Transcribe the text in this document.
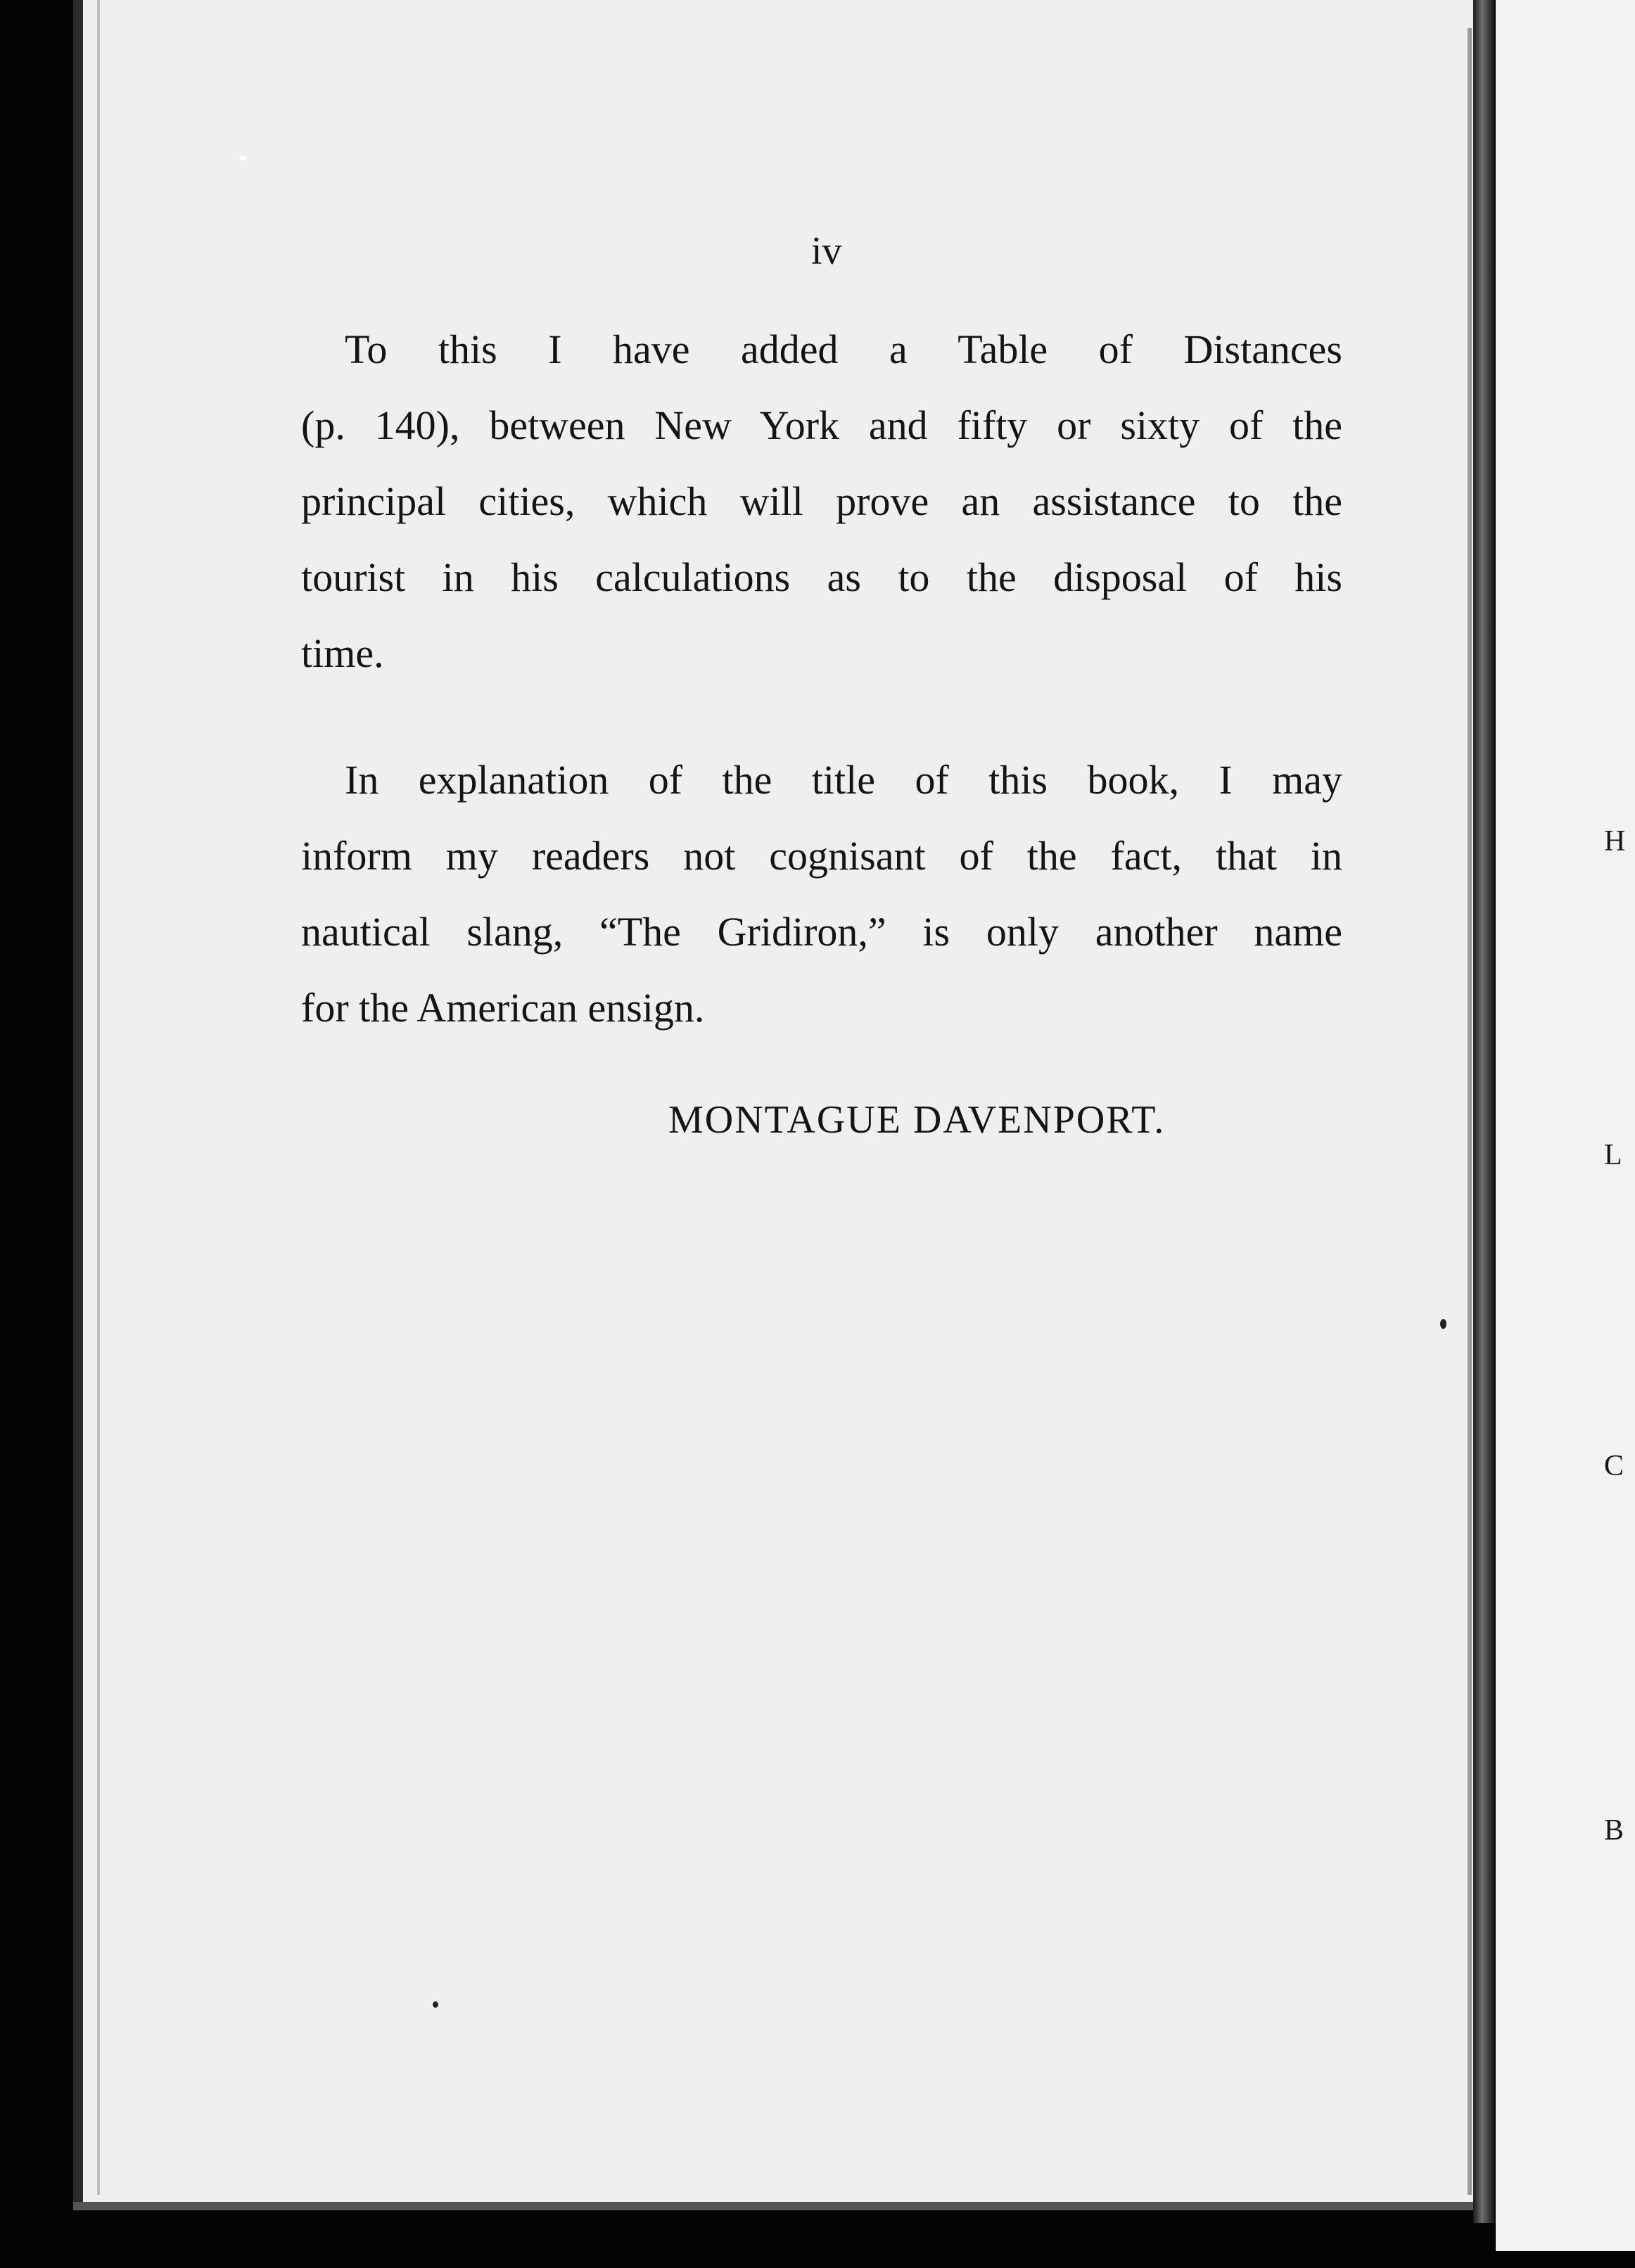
iv
To this I have added a Table of Distances
(p. 140), between New York and fifty or sixty of the
principal cities, which will prove an assistance to the
tourist in his calculations as to the disposal of his
time.
In explanation of the title of this book, I may
inform my readers not cognisant of the fact, that in
nautical slang, “The Gridiron,” is only another name
for the American ensign.
MONTAGUE DAVENPORT.
H
L
C
B
